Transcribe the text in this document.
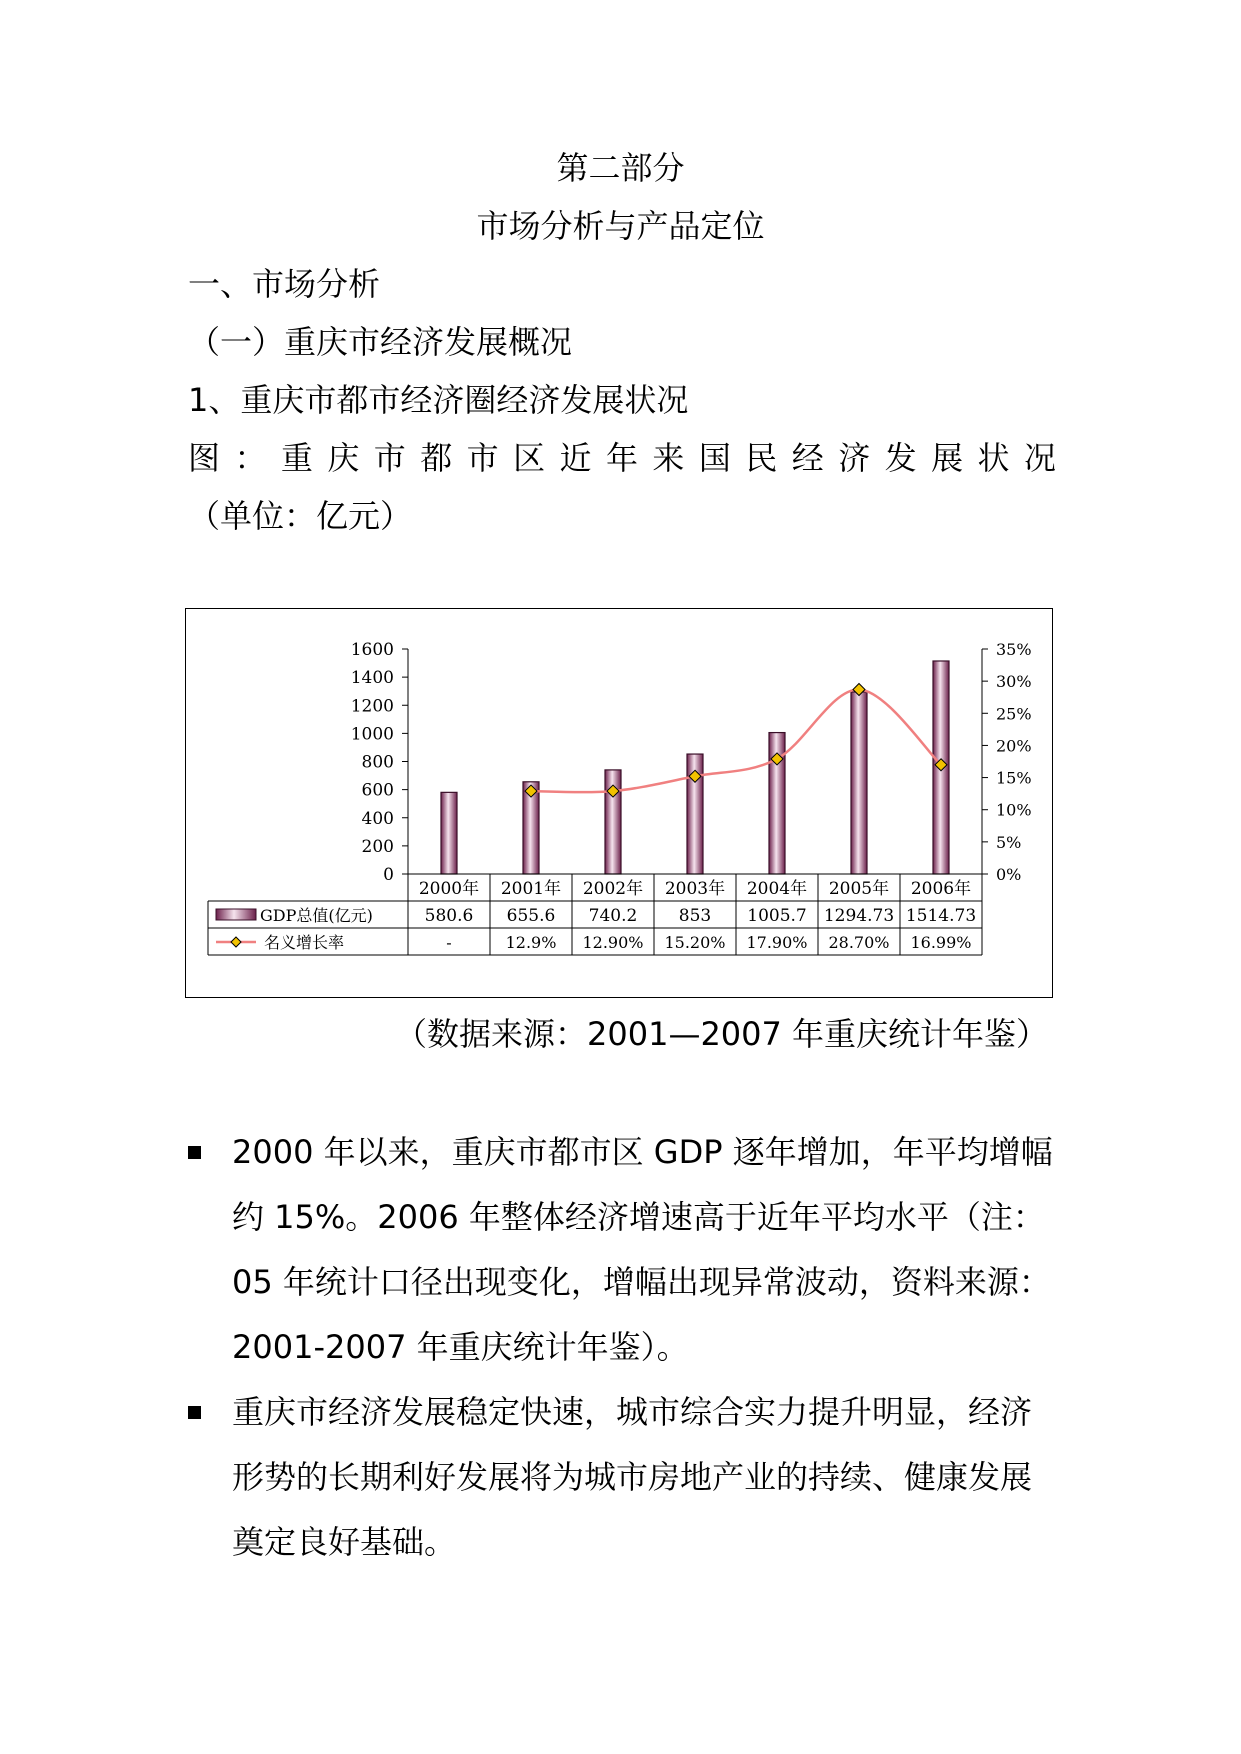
第二部分
市场分析与产品定位
一、市场分析
（一）重庆市经济发展概况
1、重庆市都市经济圈经济发展状况
图：重庆市都市区近年来国民经济发展状况
（单位：亿元）
0
200
400
600
800
1000
1200
1400
1600
0%
5%
10%
15%
20%
25%
30%
35%
2000年 2001年 2002年 2003年 2004年 2005年 2006年
GDP总值(亿元)
名义增长率
580.6 655.6 740.2 853 1005.7 1294.73 1514.73
-	12.9% 12.90% 15.20% 17.90% 28.70% 16.99%
（数据来源：2001—2007 年重庆统计年鉴）
2000 年以来，重庆市都市区 GDP 逐年增加，年平均增幅约 15%。2006 年整体经济增速高于近年平均水平（注：05 年统计口径出现变化，增幅出现异常波动，资料来源：2001-2007 年重庆统计年鉴）。
重庆市经济发展稳定快速，城市综合实力提升明显，经济形势的长期利好发展将为城市房地产业的持续、健康发展奠定良好基础。
